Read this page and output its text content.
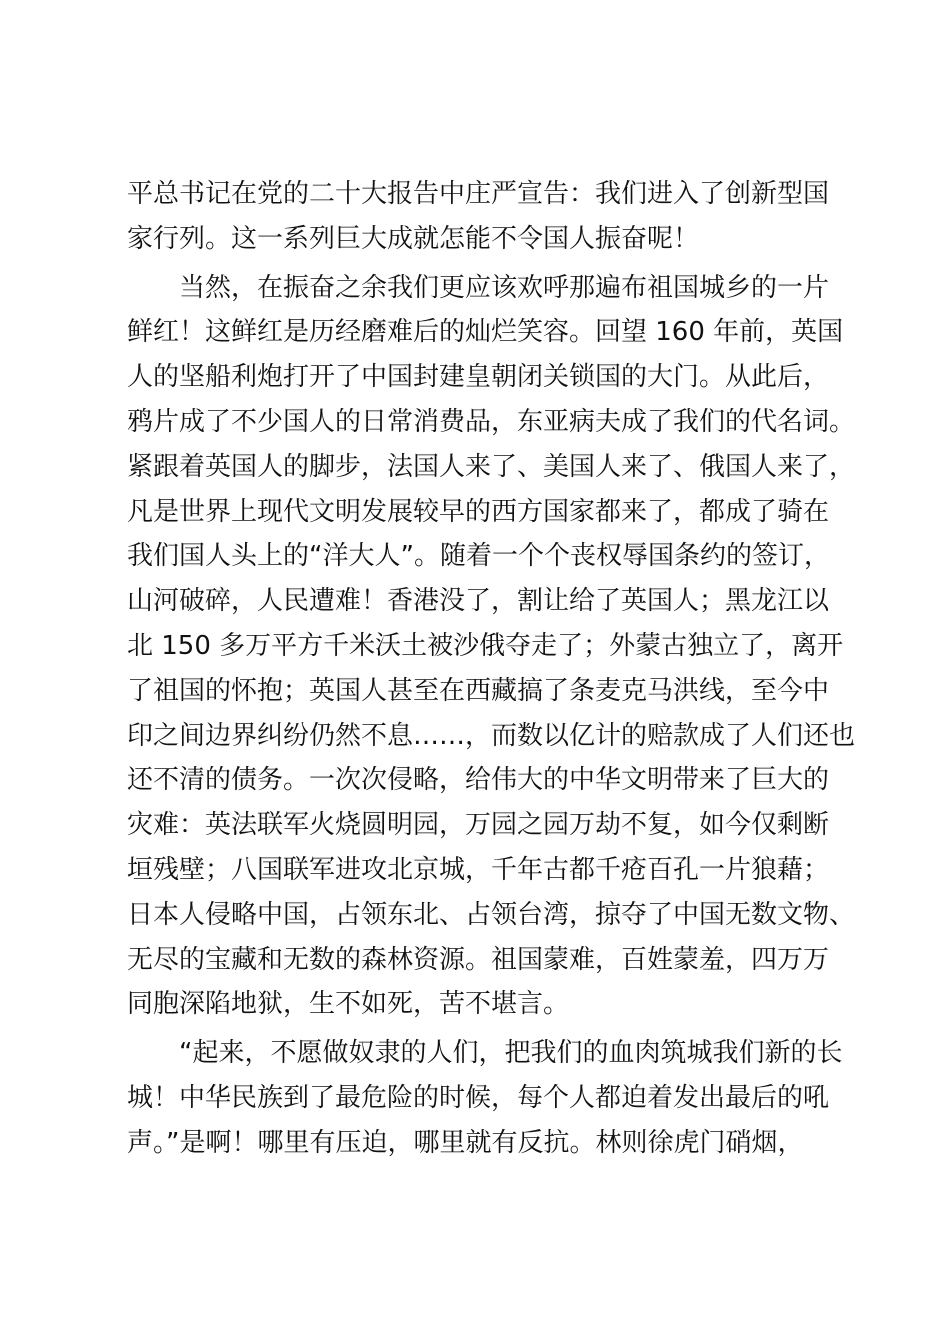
平总书记在党的二十大报告中庄严宣告：我们进入了创新型国
家行列。这一系列巨大成就怎能不令国人振奋呢！
　　当然，在振奋之余我们更应该欢呼那遍布祖国城乡的一片
鲜红！这鲜红是历经磨难后的灿烂笑容。回望 160 年前，英国
人的坚船利炮打开了中国封建皇朝闭关锁国的大门。从此后，
鸦片成了不少国人的日常消费品，东亚病夫成了我们的代名词。
紧跟着英国人的脚步，法国人来了、美国人来了、俄国人来了，
凡是世界上现代文明发展较早的西方国家都来了，都成了骑在
我们国人头上的“洋大人”。随着一个个丧权辱国条约的签订，
山河破碎，人民遭难！香港没了，割让给了英国人；黑龙江以
北 150 多万平方千米沃土被沙俄夺走了；外蒙古独立了，离开
了祖国的怀抱；英国人甚至在西藏搞了条麦克马洪线，至今中
印之间边界纠纷仍然不息……，而数以亿计的赔款成了人们还也
还不清的债务。一次次侵略，给伟大的中华文明带来了巨大的
灾难：英法联军火烧圆明园，万园之园万劫不复，如今仅剩断
垣残壁；八国联军进攻北京城，千年古都千疮百孔一片狼藉；
日本人侵略中国，占领东北、占领台湾，掠夺了中国无数文物、
无尽的宝藏和无数的森林资源。祖国蒙难，百姓蒙羞，四万万
同胞深陷地狱，生不如死，苦不堪言。
　　“起来，不愿做奴隶的人们，把我们的血肉筑城我们新的长
城！中华民族到了最危险的时候，每个人都迫着发出最后的吼
声。”是啊！哪里有压迫，哪里就有反抗。林则徐虎门硝烟，
